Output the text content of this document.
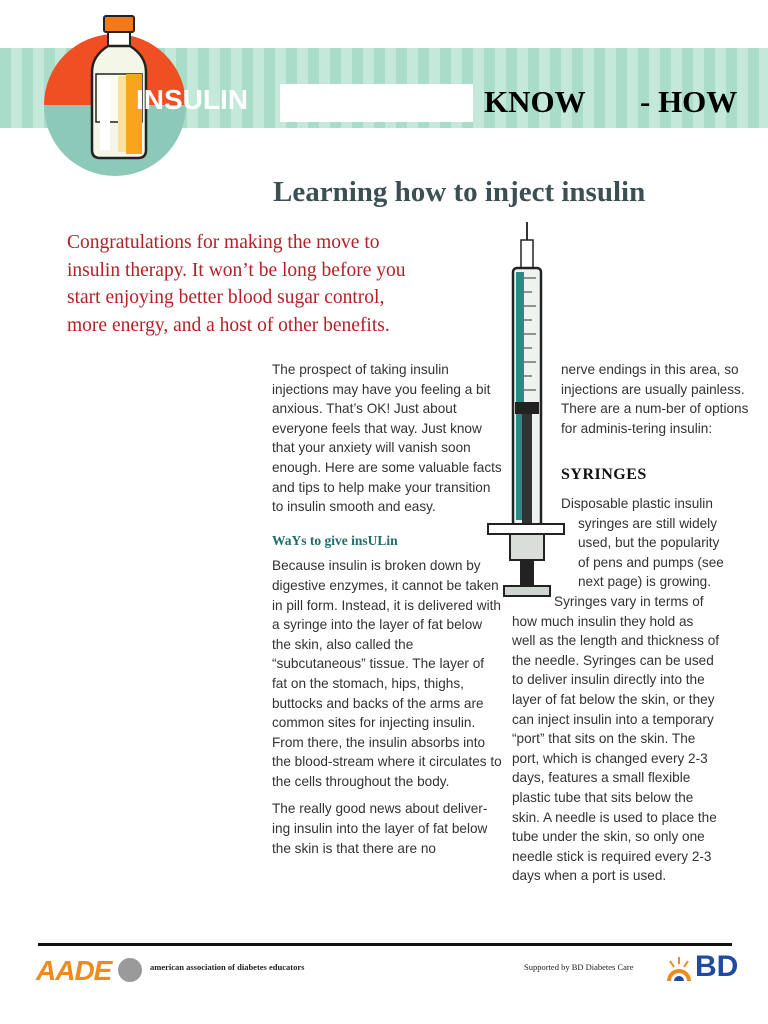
INSULIN	KNOW - HOW
Learning how to inject insulin
Congratulations for making the move to
insulin therapy. It won’t be long before you
start enjoying better blood sugar control,
more energy, and a host of other benefits.

The prospect of taking insulin injections may have you feeling a bit anxious. That’s OK! Just about everyone feels that way. Just know that your anxiety will vanish soon enough. Here are some valuable facts and tips to help make your transition to insulin smooth and easy.

WaYs to give insULin

Because insulin is broken down by digestive enzymes, it cannot be taken in pill form. Instead, it is delivered with a syringe into the layer of fat below the skin, also called the “subcutaneous” tissue. The layer of fat on the stomach, hips, thighs, buttocks and backs of the arms are common sites for injecting insulin. From there, the insulin absorbs into the blood-stream where it circulates to the cells throughout the body.

The really good news about deliver-ing insulin into the layer of fat below the skin is that there are no

nerve endings in this area, so injections are usually painless. There are a num-ber of options for adminis-tering insulin:

SYRINGES
Disposable plastic insulin
syringes are still widely
used, but the popularity
of pens and pumps (see
next page) is growing.
Syringes vary in terms of
how much insulin they hold as
well as the length and thickness of
the needle. Syringes can be used
to deliver insulin directly into the
layer of fat below the skin, or they
can inject insulin into a temporary
“port” that sits on the skin. The
port, which is changed every 2-3
days, features a small flexible
plastic tube that sits below the
skin. A needle is used to place the
tube under the skin, so only one
needle stick is required every 2-3
days when a port is used.
AADE	american association of diabetes educators	Supported by BD Diabetes Care BD
